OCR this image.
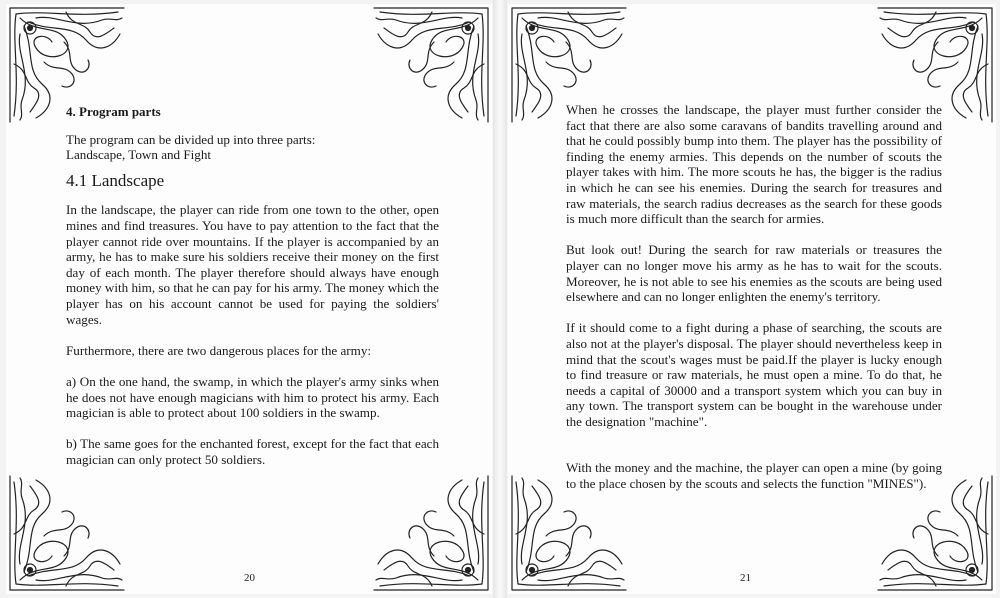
4. Program parts
The program can be divided up into three parts:
Landscape, Town and Fight
4.1 Landscape

In the landscape, the player can ride from one town to the other, open mines and find treasures. You have to pay attention to the fact that the player cannot ride over mountains. If the player is accompanied by an army, he has to make sure his soldiers receive their money on the first day of each month. The player therefore should always have enough money with him, so that he can pay for his army. The money which the player has on his account cannot be used for paying the soldiers' wages.

Furthermore, there are two dangerous places for the army:

a) On the one hand, the swamp, in which the player's army sinks when he does not have enough magicians with him to protect his army. Each magician is able to protect about 100 soldiers in the swamp.

b) The same goes for the enchanted forest, except for the fact that each magician can only protect 50 soldiers.

20

When he crosses the landscape, the player must further consider the fact that there are also some caravans of bandits travelling around and that he could possibly bump into them. The player has the possibility of finding the enemy armies. This depends on the number of scouts the player takes with him. The more scouts he has, the bigger is the radius in which he can see his enemies. During the search for treasures and raw materials, the search radius decreases as the search for these goods is much more difficult than the search for armies.

But look out! During the search for raw materials or treasures the player can no longer move his army as he has to wait for the scouts. Moreover, he is not able to see his enemies as the scouts are being used elsewhere and can no longer enlighten the enemy's territory.

If it should come to a fight during a phase of searching, the scouts are also not at the player's disposal. The player should nevertheless keep in mind that the scout's wages must be paid.If the player is lucky enough to find treasure or raw materials, he must open a mine. To do that, he needs a capital of 30000 and a transport system which you can buy in any town. The transport system can be bought in the warehouse under the designation "machine".

With the money and the machine, the player can open a mine (by going to the place chosen by the scouts and selects the function "MINES").

21
